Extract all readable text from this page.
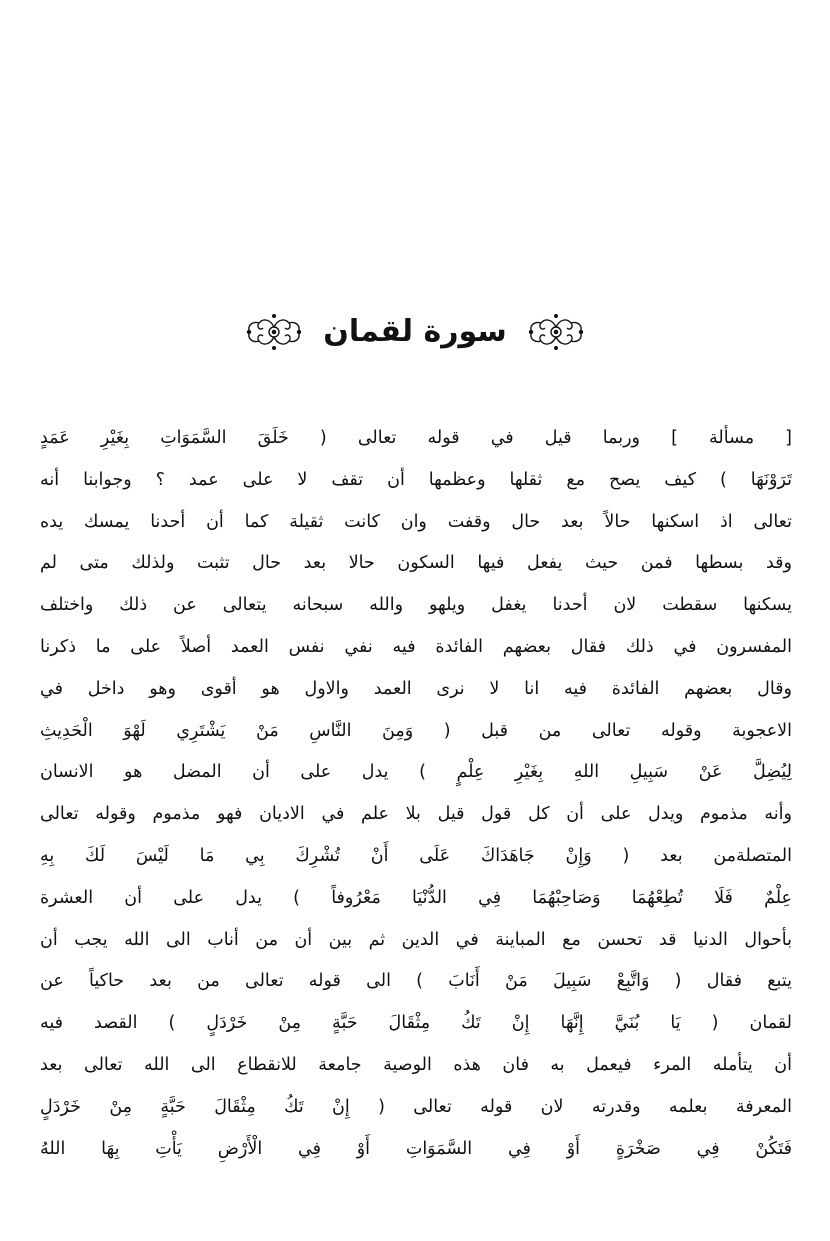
سورة لقمان
[ مسألة ] وربما قيل في قوله تعالى ( خَلَقَ السَّمَوَاتِ بِغَيْرِ عَمَدٍ
تَرَوْنَهَا ) كيف يصح مع ثقلها وعظمها أن تقف لا على عمد ؟ وجوابنا أنه
تعالى اذ اسكنها حالاً بعد حال وقفت وان كانت ثقيلة كما أن أحدنا يمسك يده
وقد بسطها فمن حيث يفعل فيها السكون حالا بعد حال تثبت ولذلك متى لم
يسكنها سقطت لان أحدنا يغفل ويلهو والله سبحانه يتعالى عن ذلك واختلف
المفسرون في ذلك فقال بعضهم الفائدة فيه نفي نفس العمد أصلاً على ما ذكرنا
وقال بعضهم الفائدة فيه انا لا نرى العمد والاول هو أقوى وهو داخل في
الاعجوبة وقوله تعالى من قبل ( وَمِنَ النَّاسِ مَنْ يَشْتَرِي لَهْوَ الْحَدِيثِ
لِيُضِلَّ عَنْ سَبِيلِ اللهِ بِغَيْرِ عِلْمٍ ) يدل على أن المضل هو الانسان
وأنه مذموم ويدل على أن كل قول قيل بلا علم في الاديان فهو مذموم وقوله تعالى
المتصلةمن بعد ( وَإِنْ جَاهَدَاكَ عَلَى أَنْ تُشْرِكَ بِي مَا لَيْسَ لَكَ بِهِ
عِلْمٌ فَلَا تُطِعْهُمَا وَصَاحِبْهُمَا فِي الدُّنْيَا مَعْرُوفاً ) يدل على أن العشرة
بأحوال الدنيا قد تحسن مع المباينة في الدين ثم بين أن من أناب الى الله يجب أن
يتبع فقال ( وَاتَّبِعْ سَبِيلَ مَنْ أَنَابَ ) الى قوله تعالى من بعد حاكياً عن
لقمان ( يَا بُنَيَّ إِنَّهَا إِنْ تَكُ مِثْقَالَ حَبَّةٍ مِنْ خَرْدَلٍ ) القصد فيه
أن يتأمله المرء فيعمل به فان هذه الوصية جامعة للانقطاع الى الله تعالى بعد
المعرفة بعلمه وقدرته لان قوله تعالى ( إِنْ تَكُ مِثْقَالَ حَبَّةٍ مِنْ خَرْدَلٍ
فَتَكُنْ فِي صَخْرَةٍ أَوْ فِي السَّمَوَاتِ أَوْ فِي الْأَرْضِ يَأْتِ بِهَا اللهُ
